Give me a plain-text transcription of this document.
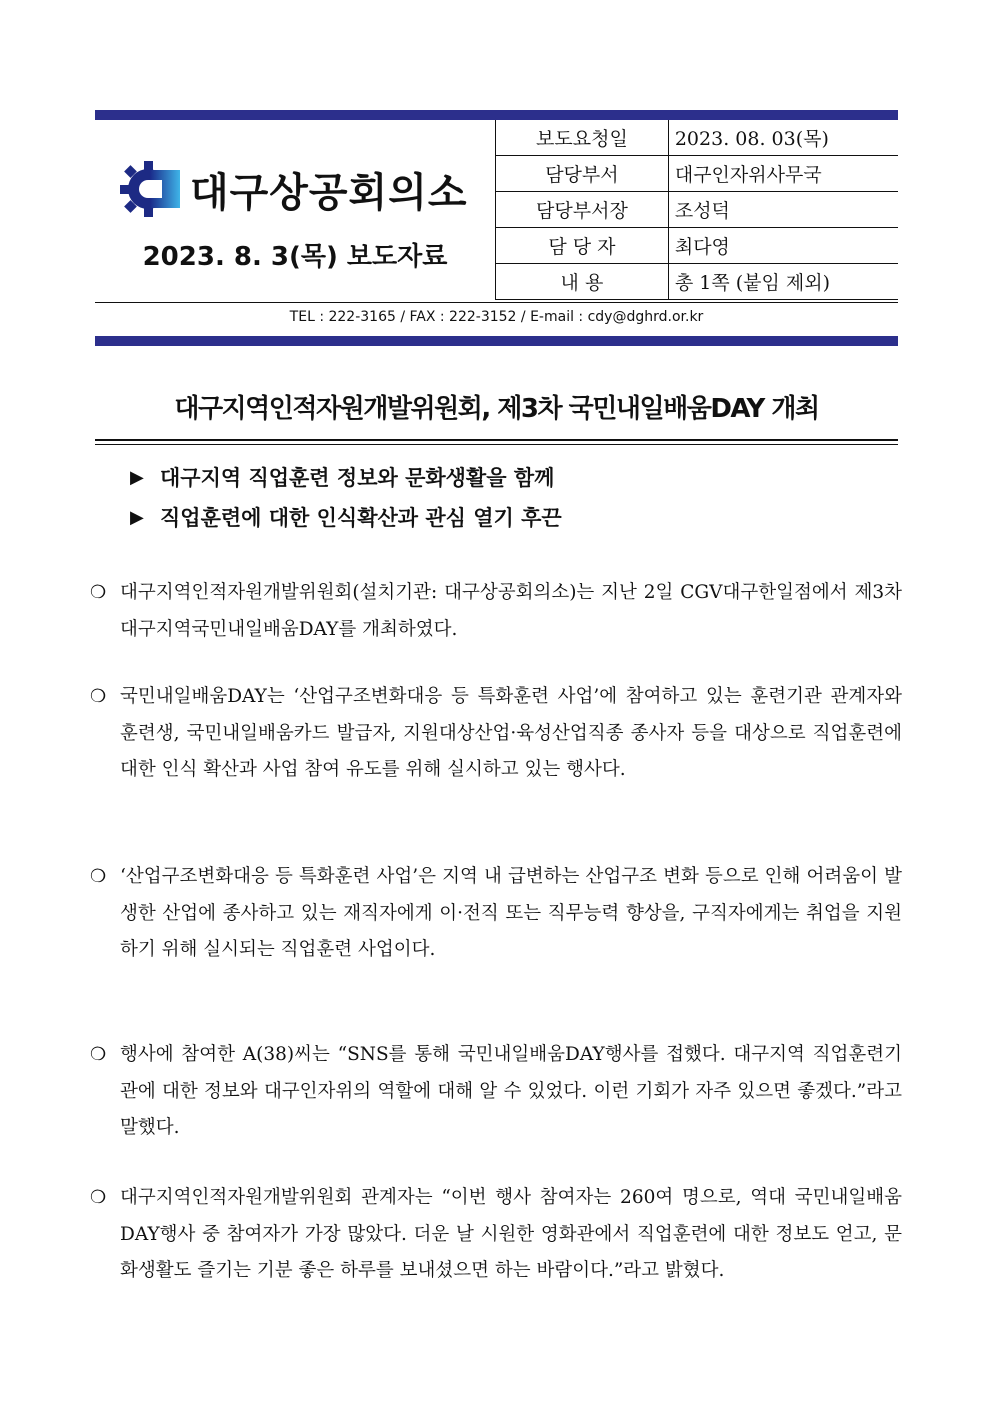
대구상공회의소
2023. 8. 3(목) 보도자료
보도요청일	2023. 08. 03(목)
담당부서	대구인자위사무국
담당부서장	조성덕
담 당 자	최다영
내 용	총 1쪽 (붙임 제외)
TEL : 222-3165 / FAX : 222-3152 / E-mail : cdy@dghrd.or.kr
대구지역인적자원개발위원회, 제3차 국민내일배움DAY 개최
▶ 대구지역 직업훈련 정보와 문화생활을 함께
▶ 직업훈련에 대한 인식확산과 관심 열기 후끈
❍ 대구지역인적자원개발위원회(설치기관: 대구상공회의소)는 지난 2일 CGV대구한일점에서 제3차 대구지역국민내일배움DAY를 개최하였다.
❍ 국민내일배움DAY는 ‘산업구조변화대응 등 특화훈련 사업’에 참여하고 있는 훈련기관 관계자와 훈련생, 국민내일배움카드 발급자, 지원대상산업·육성산업직종 종사자 등을 대상으로 직업훈련에 대한 인식 확산과 사업 참여 유도를 위해 실시하고 있는 행사다.
❍ ‘산업구조변화대응 등 특화훈련 사업’은 지역 내 급변하는 산업구조 변화 등으로 인해 어려움이 발생한 산업에 종사하고 있는 재직자에게 이·전직 또는 직무능력 향상을, 구직자에게는 취업을 지원하기 위해 실시되는 직업훈련 사업이다.
❍ 행사에 참여한 A(38)씨는 “SNS를 통해 국민내일배움DAY행사를 접했다. 대구지역 직업훈련기관에 대한 정보와 대구인자위의 역할에 대해 알 수 있었다. 이런 기회가 자주 있으면 좋겠다.”라고 말했다.
❍ 대구지역인적자원개발위원회 관계자는 “이번 행사 참여자는 260여 명으로, 역대 국민내일배움DAY행사 중 참여자가 가장 많았다. 더운 날 시원한 영화관에서 직업훈련에 대한 정보도 얻고, 문화생활도 즐기는 기분 좋은 하루를 보내셨으면 하는 바람이다.”라고 밝혔다.
